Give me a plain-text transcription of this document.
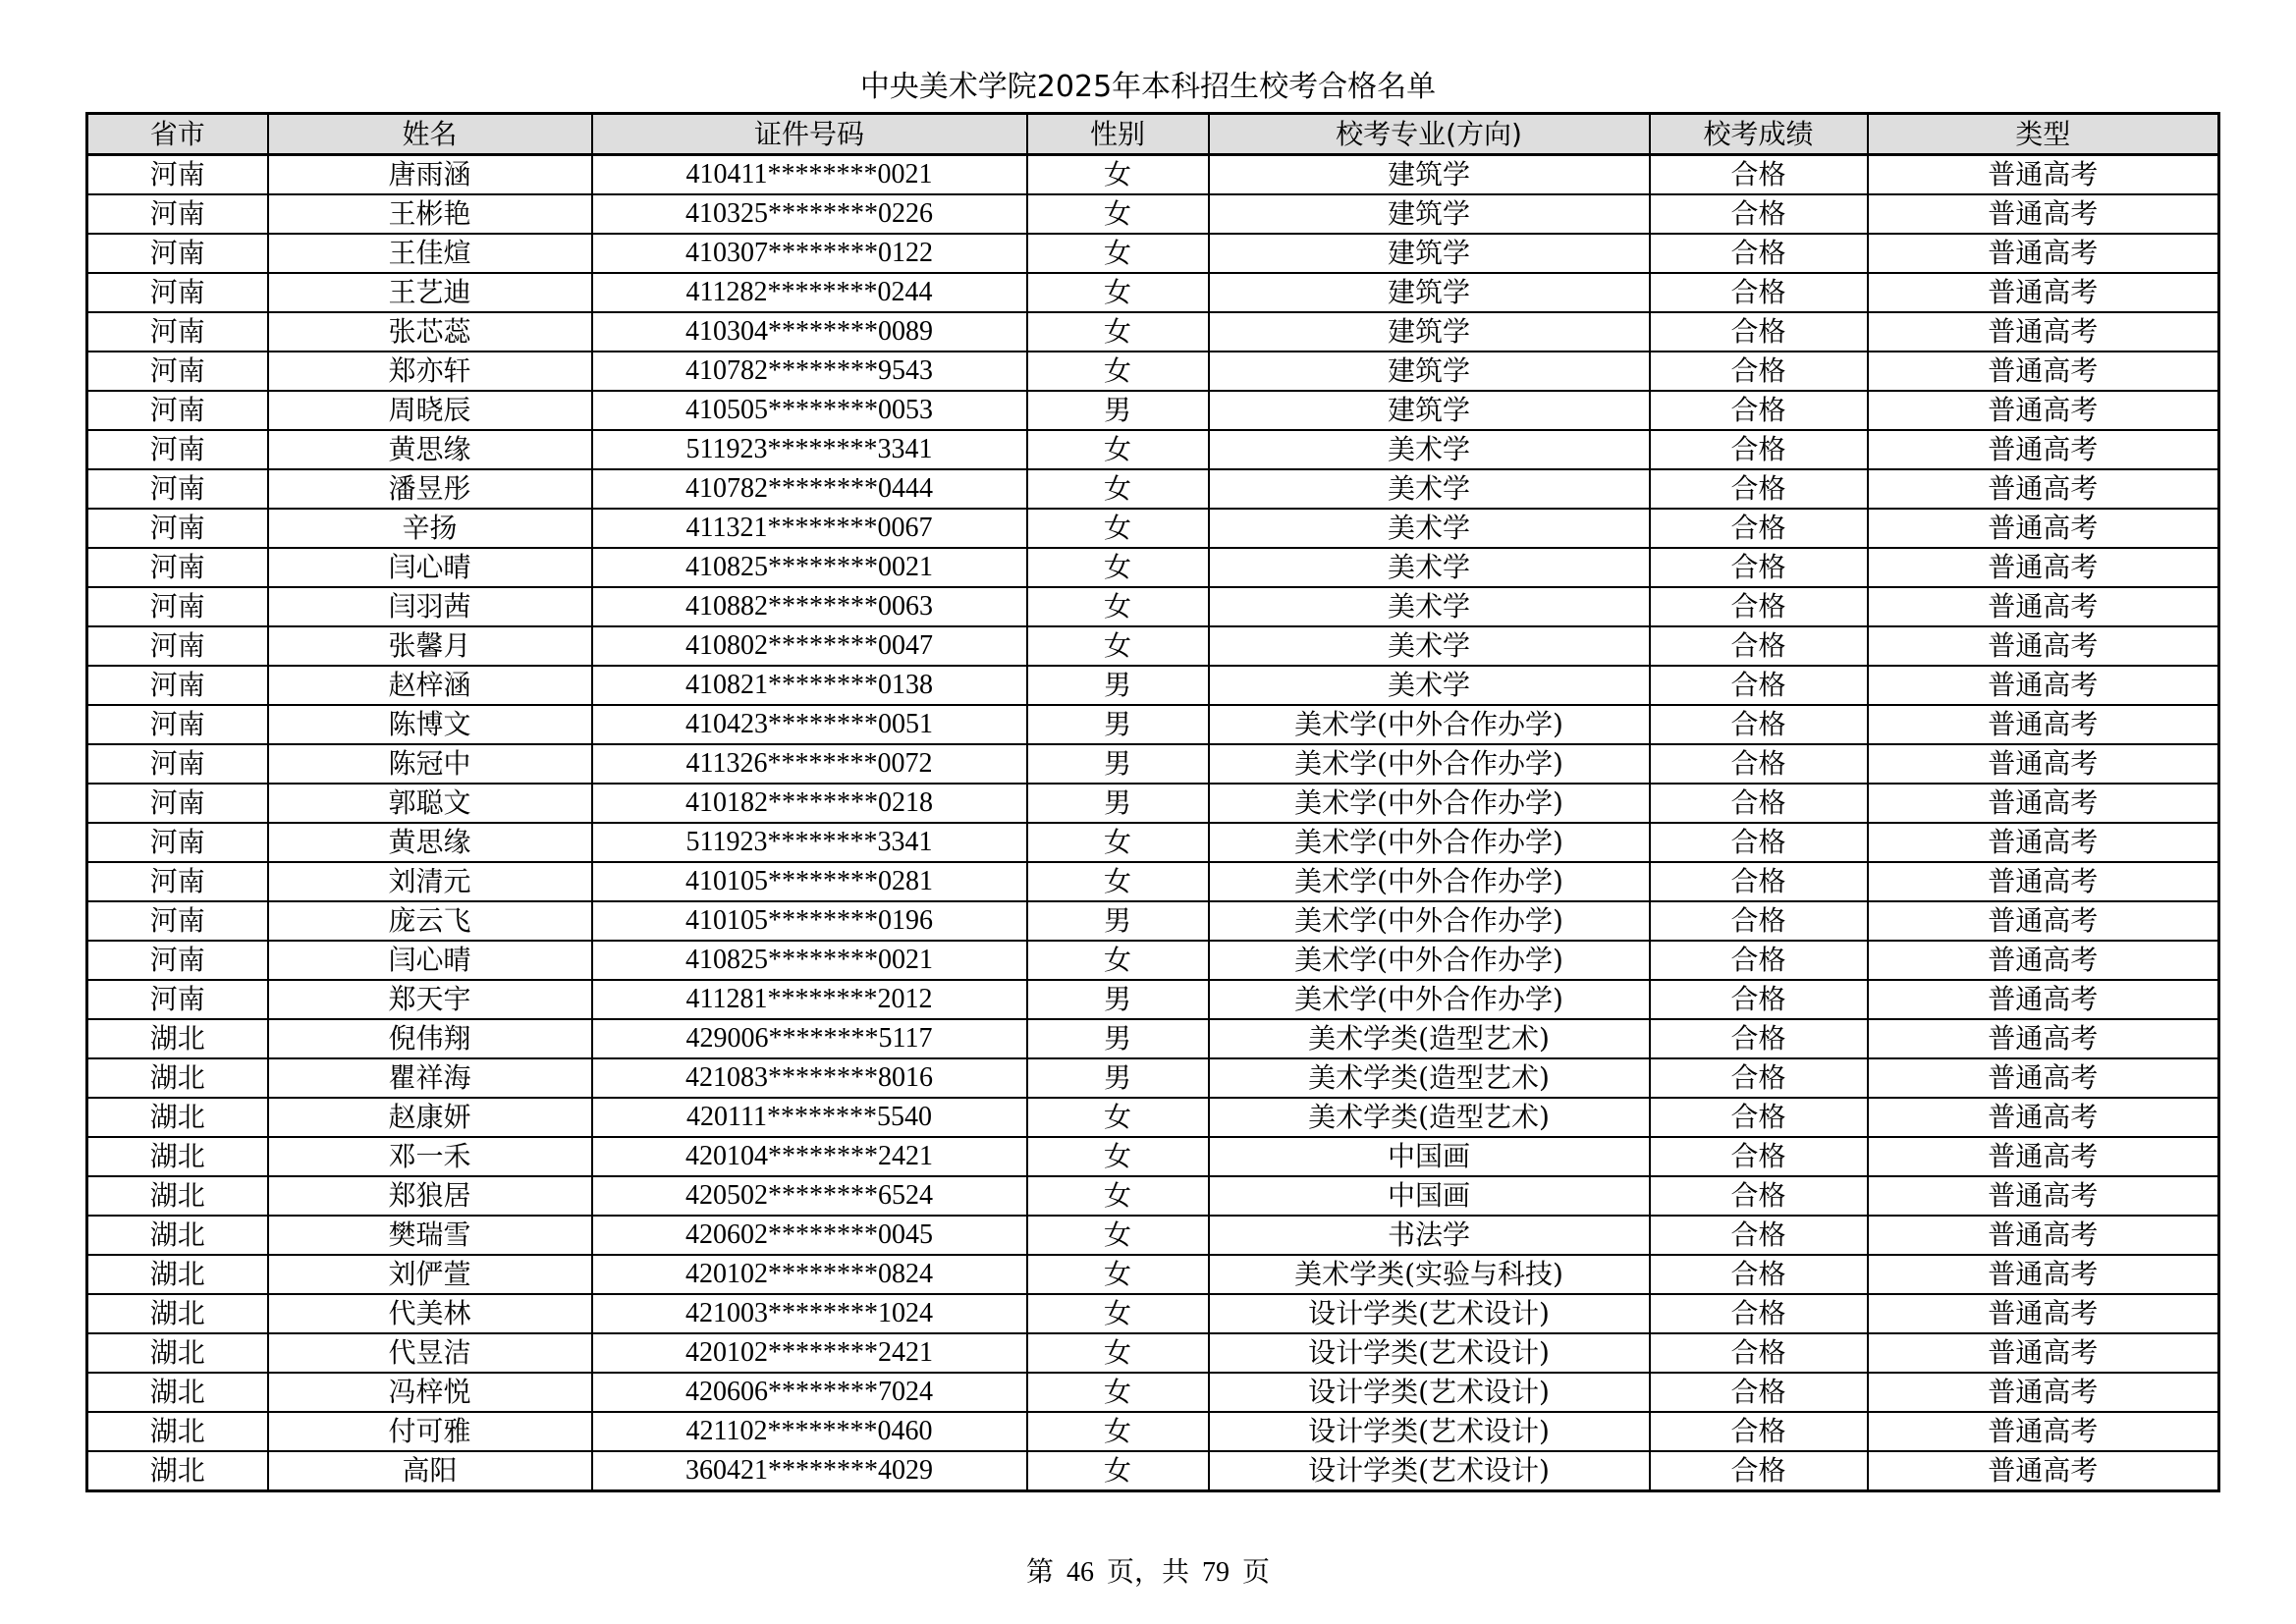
中央美术学院2025年本科招生校考合格名单
省市	姓名	证件号码	性别	校考专业(方向)	校考成绩	类型
河南	唐雨涵	410411********0021	女	建筑学	合格	普通高考
河南	王彬艳	410325********0226	女	建筑学	合格	普通高考
河南	王佳煊	410307********0122	女	建筑学	合格	普通高考
河南	王艺迪	411282********0244	女	建筑学	合格	普通高考
河南	张芯蕊	410304********0089	女	建筑学	合格	普通高考
河南	郑亦轩	410782********9543	女	建筑学	合格	普通高考
河南	周晓辰	410505********0053	男	建筑学	合格	普通高考
河南	黄思缘	511923********3341	女	美术学	合格	普通高考
河南	潘昱彤	410782********0444	女	美术学	合格	普通高考
河南	辛扬	411321********0067	女	美术学	合格	普通高考
河南	闫心晴	410825********0021	女	美术学	合格	普通高考
河南	闫羽茜	410882********0063	女	美术学	合格	普通高考
河南	张馨月	410802********0047	女	美术学	合格	普通高考
河南	赵梓涵	410821********0138	男	美术学	合格	普通高考
河南	陈博文	410423********0051	男	美术学(中外合作办学)	合格	普通高考
河南	陈冠中	411326********0072	男	美术学(中外合作办学)	合格	普通高考
河南	郭聪文	410182********0218	男	美术学(中外合作办学)	合格	普通高考
河南	黄思缘	511923********3341	女	美术学(中外合作办学)	合格	普通高考
河南	刘清元	410105********0281	女	美术学(中外合作办学)	合格	普通高考
河南	庞云飞	410105********0196	男	美术学(中外合作办学)	合格	普通高考
河南	闫心晴	410825********0021	女	美术学(中外合作办学)	合格	普通高考
河南	郑天宇	411281********2012	男	美术学(中外合作办学)	合格	普通高考
湖北	倪伟翔	429006********5117	男	美术学类(造型艺术)	合格	普通高考
湖北	瞿祥海	421083********8016	男	美术学类(造型艺术)	合格	普通高考
湖北	赵康妍	420111********5540	女	美术学类(造型艺术)	合格	普通高考
湖北	邓一禾	420104********2421	女	中国画	合格	普通高考
湖北	郑狼居	420502********6524	女	中国画	合格	普通高考
湖北	樊瑞雪	420602********0045	女	书法学	合格	普通高考
湖北	刘俨萱	420102********0824	女	美术学类(实验与科技)	合格	普通高考
湖北	代美林	421003********1024	女	设计学类(艺术设计)	合格	普通高考
湖北	代昱洁	420102********2421	女	设计学类(艺术设计)	合格	普通高考
湖北	冯梓悦	420606********7024	女	设计学类(艺术设计)	合格	普通高考
湖北	付可雅	421102********0460	女	设计学类(艺术设计)	合格	普通高考
湖北	高阳	360421********4029	女	设计学类(艺术设计)	合格	普通高考
第 46 页，共 79 页
